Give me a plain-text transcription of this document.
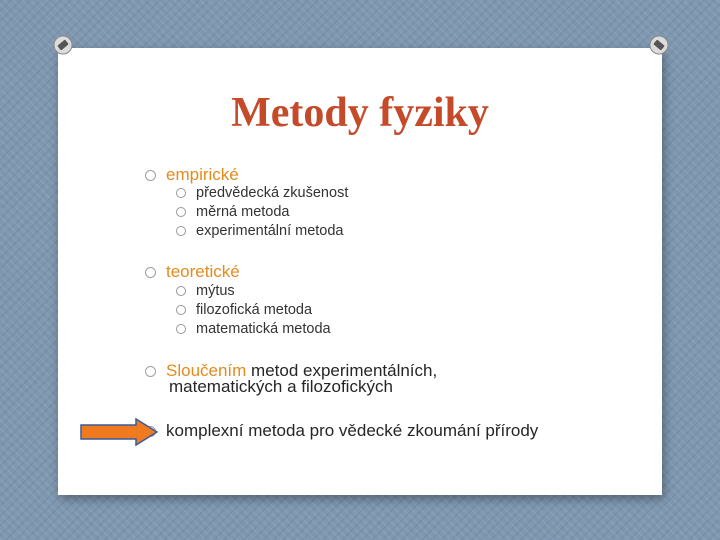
Metody fyziky
empirické
předvědecká zkušenost
měrná metoda
experimentální metoda
teoretické
mýtus
filozofická metoda
matematická metoda
Sloučením metod experimentálních,
matematických a filozofických
komplexní metoda pro vědecké zkoumání přírody
